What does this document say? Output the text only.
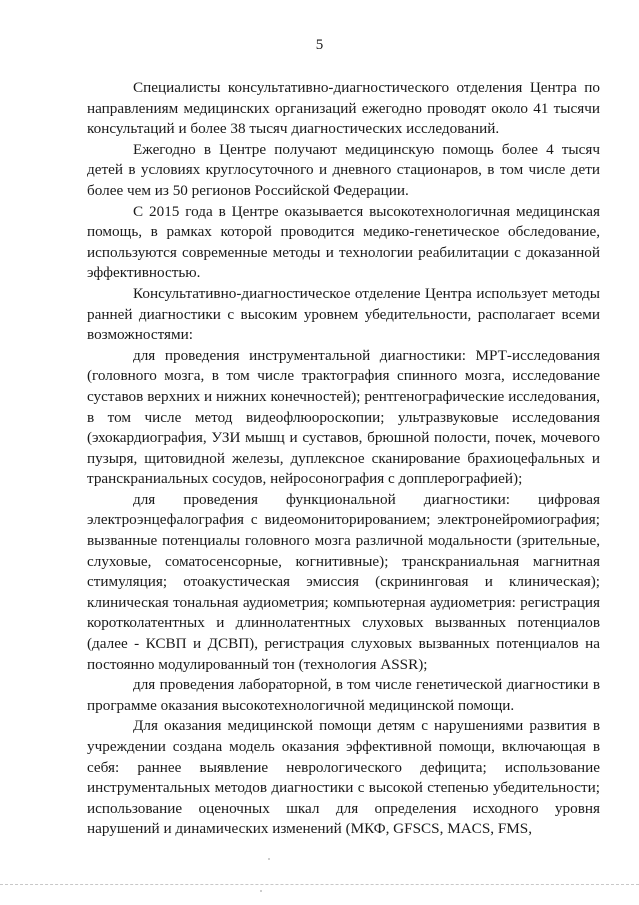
5

Специалисты консультативно-диагностического отделения Центра по направлениям медицинских организаций ежегодно проводят около 41 тысячи консультаций и более 38 тысяч диагностических исследований.

Ежегодно в Центре получают медицинскую помощь более 4 тысяч детей в условиях круглосуточного и дневного стационаров, в том числе дети более чем из 50 регионов Российской Федерации.

С 2015 года в Центре оказывается высокотехнологичная медицинская помощь, в рамках которой проводится медико-генетическое обследование, используются современные методы и технологии реабилитации с доказанной эффективностью.

Консультативно-диагностическое отделение Центра использует методы ранней диагностики с высоким уровнем убедительности, располагает всеми возможностями:

для проведения инструментальной диагностики: МРТ-исследования (головного мозга, в том числе трактография спинного мозга, исследование суставов верхних и нижних конечностей); рентгенографические исследования, в том числе метод видеофлюороскопии; ультразвуковые исследования (эхокардиография, УЗИ мышц и суставов, брюшной полости, почек, мочевого пузыря, щитовидной железы, дуплексное сканирование брахиоцефальных и транскраниальных сосудов, нейросонография с допплерографией);

для проведения функциональной диагностики: цифровая электроэнцефалография с видеомониторированием; электронейромиография; вызванные потенциалы головного мозга различной модальности (зрительные, слуховые, соматосенсорные, когнитивные); транскраниальная магнитная стимуляция; отоакустическая эмиссия (скрининговая и клиническая); клиническая тональная аудиометрия; компьютерная аудиометрия: регистрация коротколатентных и длиннолатентных слуховых вызванных потенциалов (далее - КСВП и ДСВП), регистрация слуховых вызванных потенциалов на постоянно модулированный тон (технология ASSR);

для проведения лабораторной, в том числе генетической диагностики в программе оказания высокотехнологичной медицинской помощи.

Для оказания медицинской помощи детям с нарушениями развития в учреждении создана модель оказания эффективной помощи, включающая в себя: раннее выявление неврологического дефицита; использование инструментальных методов диагностики с высокой степенью убедительности; использование оценочных шкал для определения исходного уровня нарушений и динамических изменений (МКФ, GFSCS, MACS, FMS,
